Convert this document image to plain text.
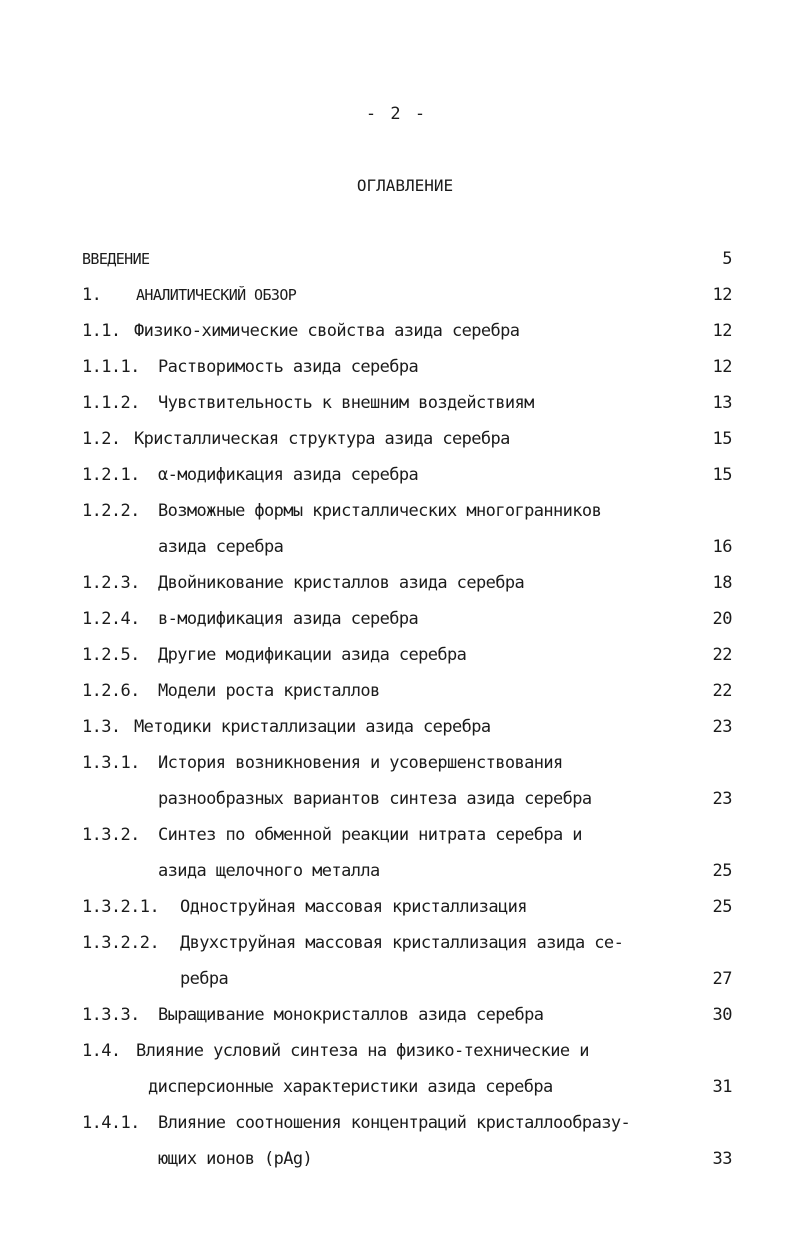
- 2 -
ОГЛАВЛЕНИЕ
ВВЕДЕНИЕ	5
1. АНАЛИТИЧЕСКИЙ ОБЗОР	12
1.1. Физико-химические свойства азида серебра	12
1.1.1. Растворимость азида серебра	12
1.1.2. Чувствительность к внешним воздействиям	13
1.2. Кристаллическая структура азида серебра	15
1.2.1. α-модификация азида серебра	15
1.2.2. Возможные формы кристаллических многогранников
азида серебра	16
1.2.3. Двойникование кристаллов азида серебра	18
1.2.4. в-модификация азида серебра	20
1.2.5. Другие модификации азида серебра	22
1.2.6. Модели роста кристаллов	22
1.3. Методики кристаллизации азида серебра	23
1.3.1. История возникновения и усовершенствования
разнообразных вариантов синтеза азида серебра	23
1.3.2. Синтез по обменной реакции нитрата серебра и
азида щелочного металла	25
1.3.2.1. Одноструйная массовая кристаллизация	25
1.3.2.2. Двухструйная массовая кристаллизация азида се-
ребра	27
1.3.3. Выращивание монокристаллов азида серебра	30
1.4. Влияние условий синтеза на физико-технические и
дисперсионные характеристики азида серебра	31
1.4.1. Влияние соотношения концентраций кристаллообразу-
ющих ионов (pAg)	33
